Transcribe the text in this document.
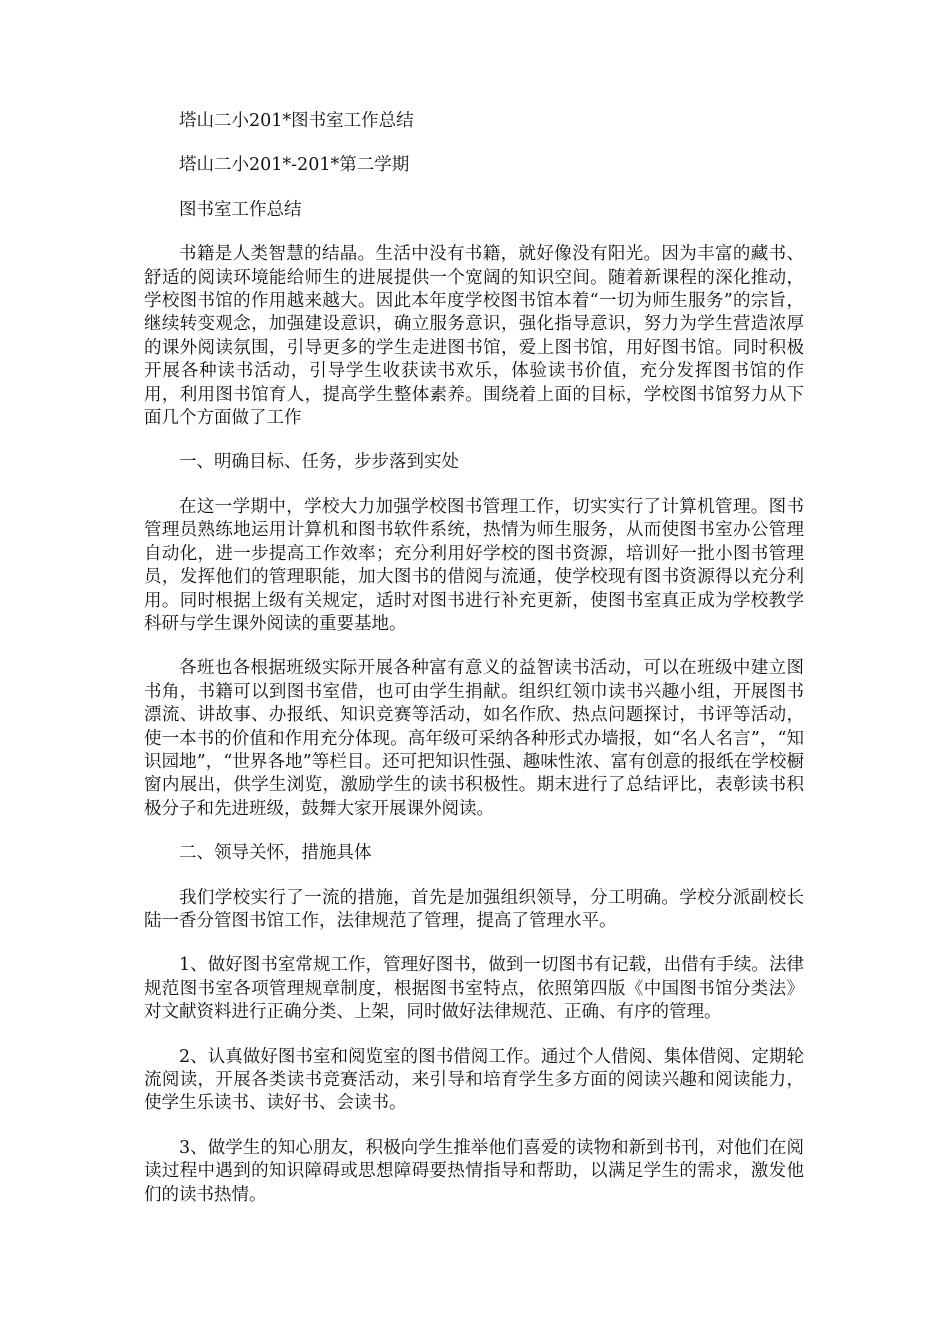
塔山二小201*图书室工作总结

塔山二小201*-201*第二学期

图书室工作总结

书籍是人类智慧的结晶。生活中没有书籍，就好像没有阳光。因为丰富的藏书、舒适的阅读环境能给师生的进展提供一个宽阔的知识空间。随着新课程的深化推动，学校图书馆的作用越来越大。因此本年度学校图书馆本着“一切为师生服务”的宗旨，继续转变观念，加强建设意识，确立服务意识，强化指导意识，努力为学生营造浓厚的课外阅读氛围，引导更多的学生走进图书馆，爱上图书馆，用好图书馆。同时积极开展各种读书活动，引导学生收获读书欢乐，体验读书价值，充分发挥图书馆的作用，利用图书馆育人，提高学生整体素养。围绕着上面的目标，学校图书馆努力从下面几个方面做了工作

一、明确目标、任务，步步落到实处

在这一学期中，学校大力加强学校图书管理工作，切实实行了计算机管理。图书管理员熟练地运用计算机和图书软件系统，热情为师生服务，从而使图书室办公管理自动化，进一步提高工作效率；充分利用好学校的图书资源，培训好一批小图书管理员，发挥他们的管理职能，加大图书的借阅与流通，使学校现有图书资源得以充分利用。同时根据上级有关规定，适时对图书进行补充更新，使图书室真正成为学校教学科研与学生课外阅读的重要基地。

各班也各根据班级实际开展各种富有意义的益智读书活动，可以在班级中建立图书角，书籍可以到图书室借，也可由学生捐献。组织红领巾读书兴趣小组，开展图书漂流、讲故事、办报纸、知识竞赛等活动，如名作欣、热点问题探讨，书评等活动，使一本书的价值和作用充分体现。高年级可采纳各种形式办墙报，如“名人名言”，“知识园地”，“世界各地”等栏目。还可把知识性强、趣味性浓、富有创意的报纸在学校橱窗内展出，供学生浏览，激励学生的读书积极性。期末进行了总结评比，表彰读书积极分子和先进班级，鼓舞大家开展课外阅读。

二、领导关怀，措施具体

我们学校实行了一流的措施，首先是加强组织领导，分工明确。学校分派副校长陆一香分管图书馆工作，法律规范了管理，提高了管理水平。

1、做好图书室常规工作，管理好图书，做到一切图书有记载，出借有手续。法律规范图书室各项管理规章制度，根据图书室特点，依照第四版《中国图书馆分类法》对文献资料进行正确分类、上架，同时做好法律规范、正确、有序的管理。

2、认真做好图书室和阅览室的图书借阅工作。通过个人借阅、集体借阅、定期轮流阅读，开展各类读书竞赛活动，来引导和培育学生多方面的阅读兴趣和阅读能力，使学生乐读书、读好书、会读书。

3、做学生的知心朋友，积极向学生推举他们喜爱的读物和新到书刊，对他们在阅读过程中遇到的知识障碍或思想障碍要热情指导和帮助，以满足学生的需求，激发他们的读书热情。
